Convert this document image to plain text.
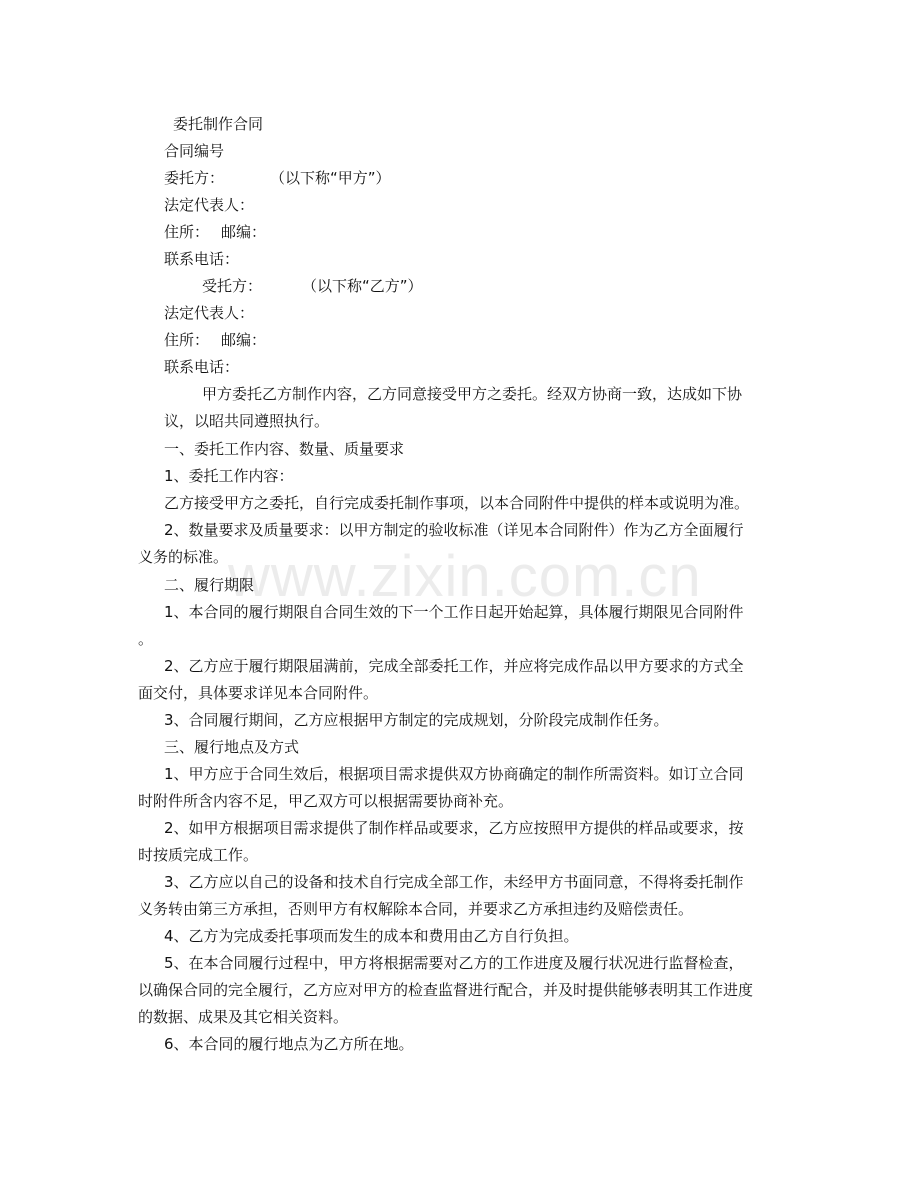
www.zixin.com.cn

委托制作合同

合同编号

委托方：	（以下称“甲方”）

法定代表人：

住所： 邮编：

联系电话：

受托方：	（以下称“乙方”）

法定代表人：

住所： 邮编：

联系电话：

甲方委托乙方制作内容，乙方同意接受甲方之委托。经双方协商一致，达成如下协

议，以昭共同遵照执行。

一、委托工作内容、数量、质量要求

1、委托工作内容：

乙方接受甲方之委托，自行完成委托制作事项，以本合同附件中提供的样本或说明为准。

2、数量要求及质量要求：以甲方制定的验收标准（详见本合同附件）作为乙方全面履行

义务的标准。

二、履行期限

1、本合同的履行期限自合同生效的下一个工作日起开始起算，具体履行期限见合同附件

。

2、乙方应于履行期限届满前，完成全部委托工作，并应将完成作品以甲方要求的方式全

面交付，具体要求详见本合同附件。

3、合同履行期间，乙方应根据甲方制定的完成规划，分阶段完成制作任务。

三、履行地点及方式

1、甲方应于合同生效后，根据项目需求提供双方协商确定的制作所需资料。如订立合同

时附件所含内容不足，甲乙双方可以根据需要协商补充。

2、如甲方根据项目需求提供了制作样品或要求，乙方应按照甲方提供的样品或要求，按

时按质完成工作。

3、乙方应以自己的设备和技术自行完成全部工作，未经甲方书面同意，不得将委托制作

义务转由第三方承担，否则甲方有权解除本合同，并要求乙方承担违约及赔偿责任。

4、乙方为完成委托事项而发生的成本和费用由乙方自行负担。

5、在本合同履行过程中，甲方将根据需要对乙方的工作进度及履行状况进行监督检查，

以确保合同的完全履行，乙方应对甲方的检查监督进行配合，并及时提供能够表明其工作进度

的数据、成果及其它相关资料。

6、本合同的履行地点为乙方所在地。
